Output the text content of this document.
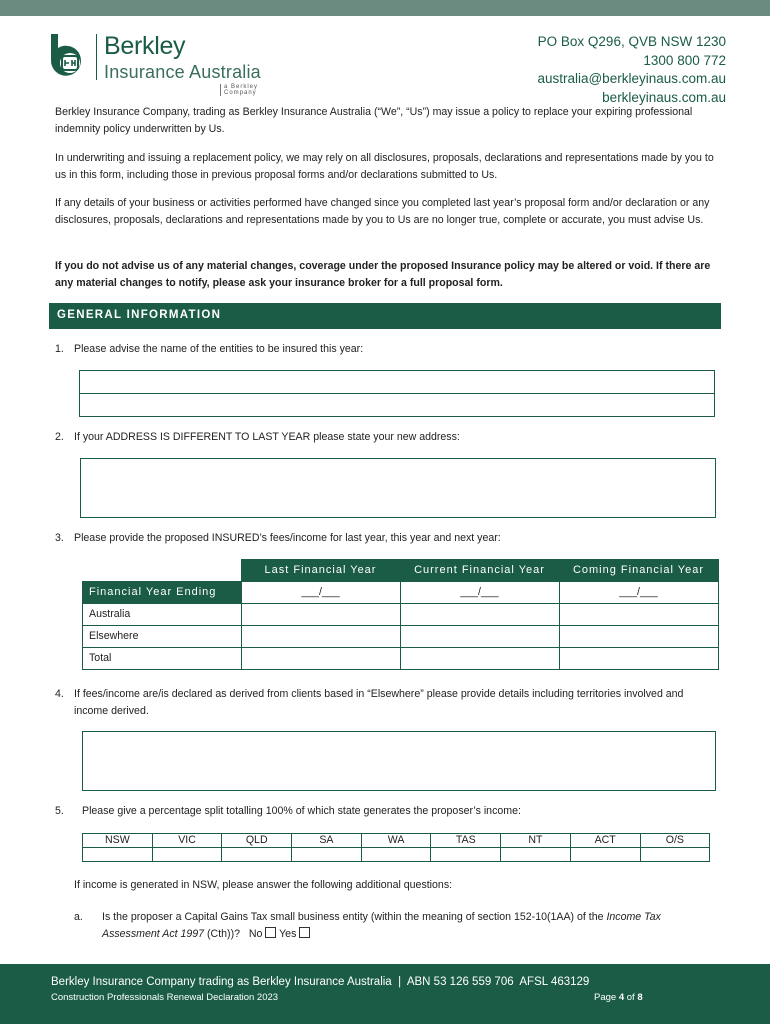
Berkley
Insurance Australia
a Berkley Company
PO Box Q296, QVB NSW 1230
1300 800 772
australia@berkleyinaus.com.au
berkleyinaus.com.au
Berkley Insurance Company, trading as Berkley Insurance Australia (“We”, “Us”) may issue a policy to replace your expiring professional indemnity policy underwritten by Us.
In underwriting and issuing a replacement policy, we may rely on all disclosures, proposals, declarations and representations made by you to us in this form, including those in previous proposal forms and/or declarations submitted to Us.
If any details of your business or activities performed have changed since you completed last year’s proposal form and/or declaration or any disclosures, proposals, declarations and representations made by you to Us are no longer true, complete or accurate, you must advise Us.
If you do not advise us of any material changes, coverage under the proposed Insurance policy may be altered or void. If there are any material changes to notify, please ask your insurance broker for a full proposal form.
GENERAL INFORMATION
1. Please advise the name of the entities to be insured this year:
2. If your ADDRESS IS DIFFERENT TO LAST YEAR please state your new address:
3. Please provide the proposed INSURED’s fees/income for last year, this year and next year:
	Last Financial Year	Current Financial Year	Coming Financial Year
Financial Year Ending	___/___	___/___	___/___
Australia			
Elsewhere			
Total			
4. If fees/income are/is declared as derived from clients based in “Elsewhere” please provide details including territories involved and income derived.
5. Please give a percentage split totalling 100% of which state generates the proposer’s income:
NSW	VIC	QLD	SA	WA	TAS	NT	ACT	O/S

If income is generated in NSW, please answer the following additional questions:
a. Is the proposer a Capital Gains Tax small business entity (within the meaning of section 152-10(1AA) of the Income Tax Assessment Act 1997 (Cth))? No Yes
Berkley Insurance Company trading as Berkley Insurance Australia  |  ABN 53 126 559 706 AFSL 463129
Construction Professionals Renewal Declaration 2023	Page 4 of 8
